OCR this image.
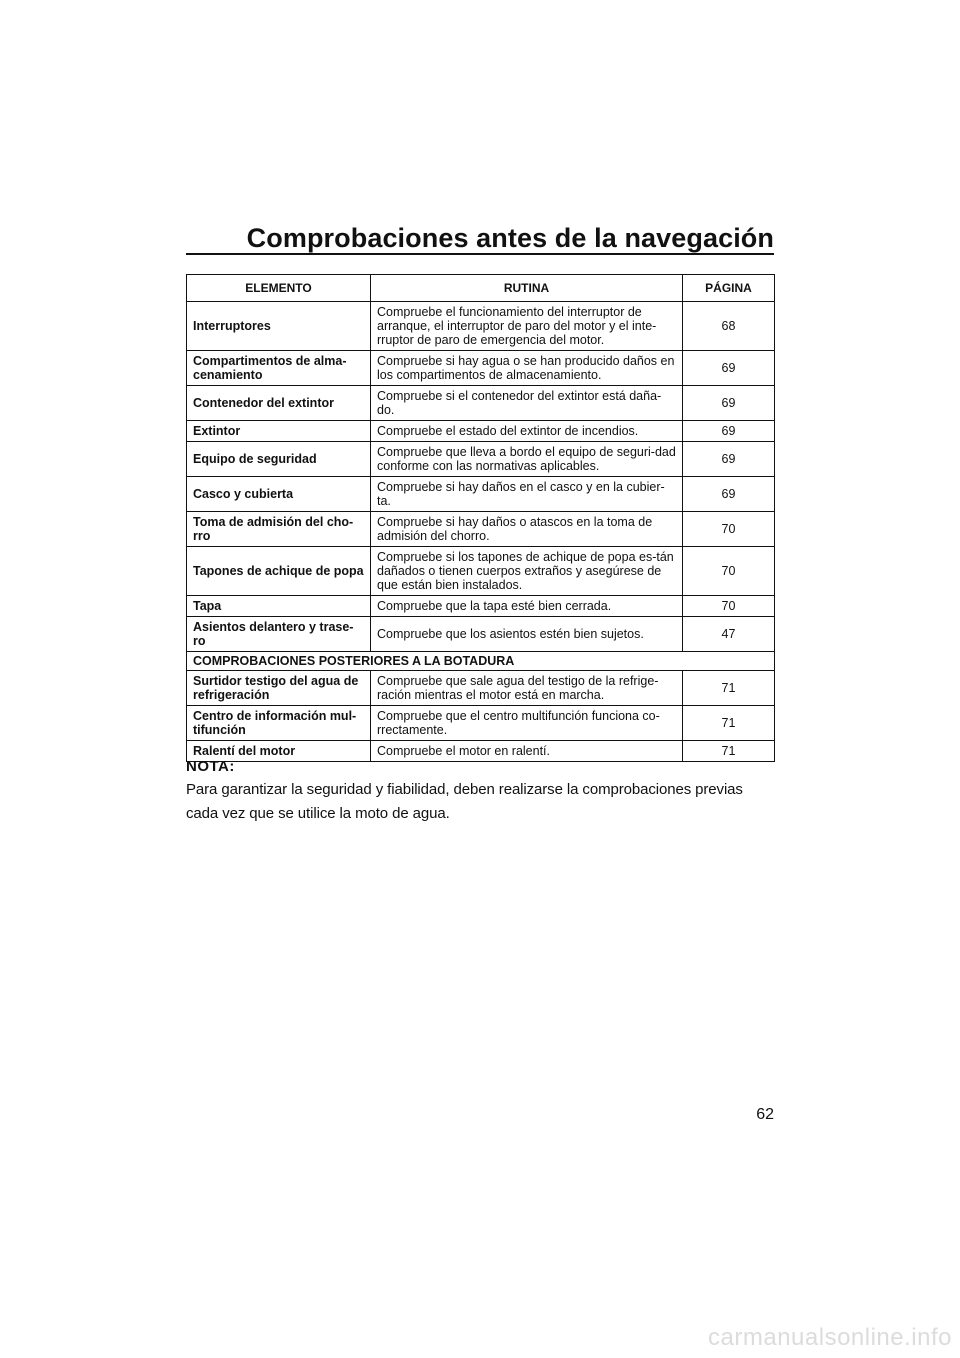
Comprobaciones antes de la navegación
ELEMENTO	RUTINA	PÁGINA
Interruptores	Compruebe el funcionamiento del interruptor de arranque, el interruptor de paro del motor y el inte-rruptor de paro de emergencia del motor.	68
Compartimentos de alma-cenamiento	Compruebe si hay agua o se han producido daños en los compartimentos de almacenamiento.	69
Contenedor del extintor	Compruebe si el contenedor del extintor está daña-do.	69
Extintor	Compruebe el estado del extintor de incendios.	69
Equipo de seguridad	Compruebe que lleva a bordo el equipo de seguri-dad conforme con las normativas aplicables.	69
Casco y cubierta	Compruebe si hay daños en el casco y en la cubier-ta.	69
Toma de admisión del cho-rro	Compruebe si hay daños o atascos en la toma de admisión del chorro.	70
Tapones de achique de popa	Compruebe si los tapones de achique de popa es-tán dañados o tienen cuerpos extraños y asegúrese de que están bien instalados.	70
Tapa	Compruebe que la tapa esté bien cerrada.	70
Asientos delantero y trase-ro	Compruebe que los asientos estén bien sujetos.	47
COMPROBACIONES POSTERIORES A LA BOTADURA		
Surtidor testigo del agua de refrigeración	Compruebe que sale agua del testigo de la refrige-ración mientras el motor está en marcha.	71
Centro de información mul-tifunción	Compruebe que el centro multifunción funciona co-rrectamente.	71
Ralentí del motor	Compruebe el motor en ralentí.	71

NOTA:

Para garantizar la seguridad y fiabilidad, deben realizarse la comprobaciones previas cada vez que se utilice la moto de agua.

62
carmanualsonline.info
